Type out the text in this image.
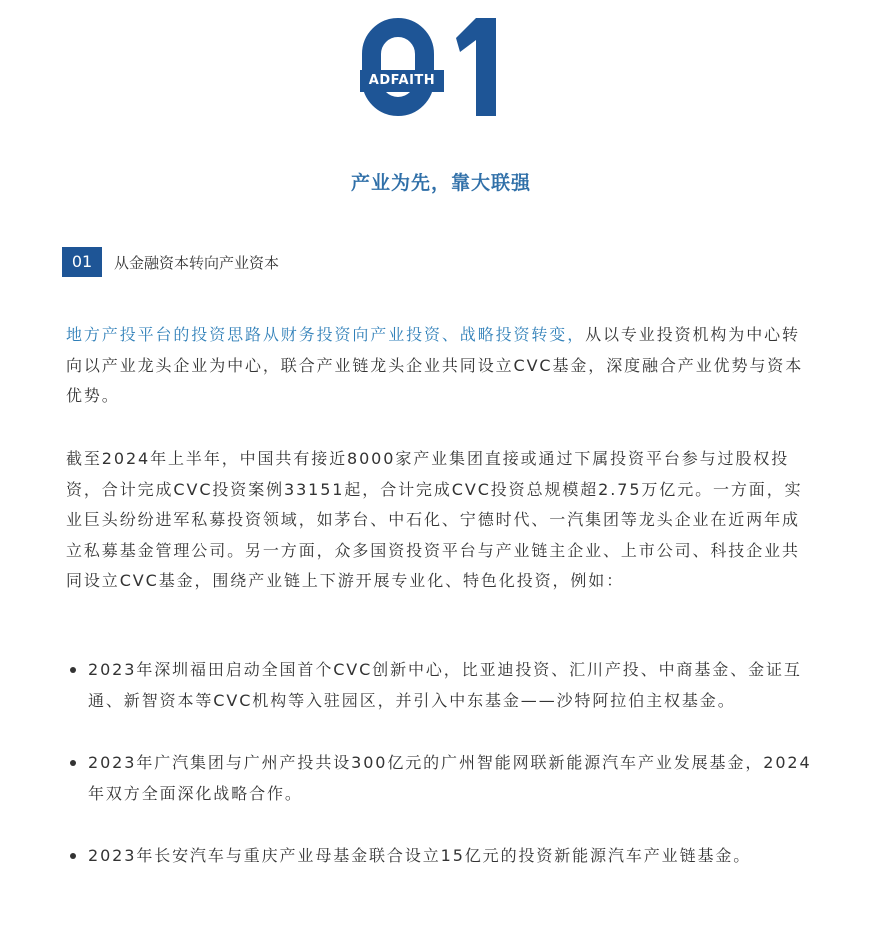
ADFAITH
产业为先，靠大联强
01	从金融资本转向产业资本

地方产投平台的投资思路从财务投资向产业投资、战略投资转变，从以专业投资机构为中心转向以产业龙头企业为中心，联合产业链龙头企业共同设立CVC基金，深度融合产业优势与资本优势。

截至2024年上半年，中国共有接近8000家产业集团直接或通过下属投资平台参与过股权投资，合计完成CVC投资案例33151起，合计完成CVC投资总规模超2.75万亿元。一方面，实业巨头纷纷进军私募投资领域，如茅台、中石化、宁德时代、一汽集团等龙头企业在近两年成立私募基金管理公司。另一方面，众多国资投资平台与产业链主企业、上市公司、科技企业共同设立CVC基金，围绕产业链上下游开展专业化、特色化投资，例如：

2023年深圳福田启动全国首个CVC创新中心，比亚迪投资、汇川产投、中商基金、金证互通、新智资本等CVC机构等入驻园区，并引入中东基金——沙特阿拉伯主权基金。
2023年广汽集团与广州产投共设300亿元的广州智能网联新能源汽车产业发展基金，2024年双方全面深化战略合作。
2023年长安汽车与重庆产业母基金联合设立15亿元的投资新能源汽车产业链基金。
